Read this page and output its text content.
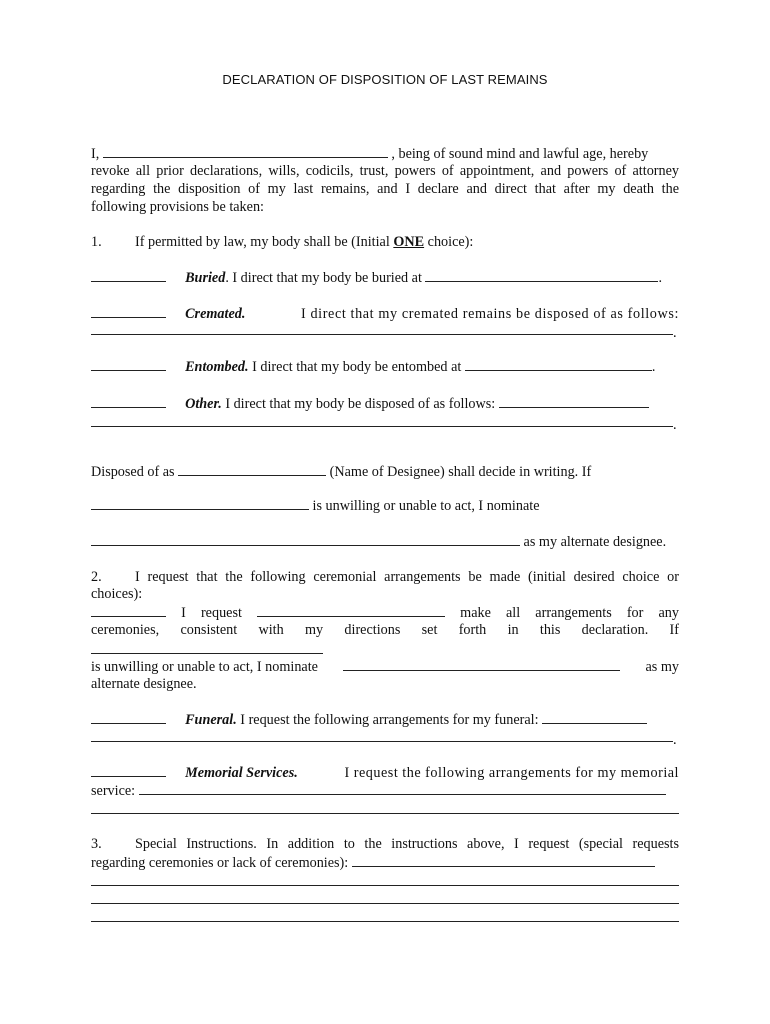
DECLARATION OF DISPOSITION OF LAST REMAINS
I,	, being of sound mind and lawful age, hereby
revoke all prior declarations, wills, codicils, trust, powers of appointment, and powers of attorney
regarding the disposition of my last remains, and I declare and direct that after my death the
following provisions be taken:
1. If permitted by law, my body shall be (Initial ONE choice):
Buried. I direct that my body be buried at	.
Cremated.	I direct that my cremated remains be disposed of as follows:
.
Entombed. I direct that my body be entombed at	.
Other. I direct that my body be disposed of as follows:
.
Disposed of as	(Name of Designee) shall decide in writing. If
is unwilling or unable to act, I nominate
as my alternate designee.
2. I request that the following ceremonial arrangements be made (initial desired choice or
choices):
I request	make all arrangements for any
ceremonies, consistent with my directions set forth in this declaration. If
is unwilling or unable to act, I nominate	as my
alternate designee.
Funeral. I request the following arrangements for my funeral:
.
Memorial Services.	I request the following arrangements for my memorial
service:
3. Special Instructions. In addition to the instructions above, I request (special requests
regarding ceremonies or lack of ceremonies):
